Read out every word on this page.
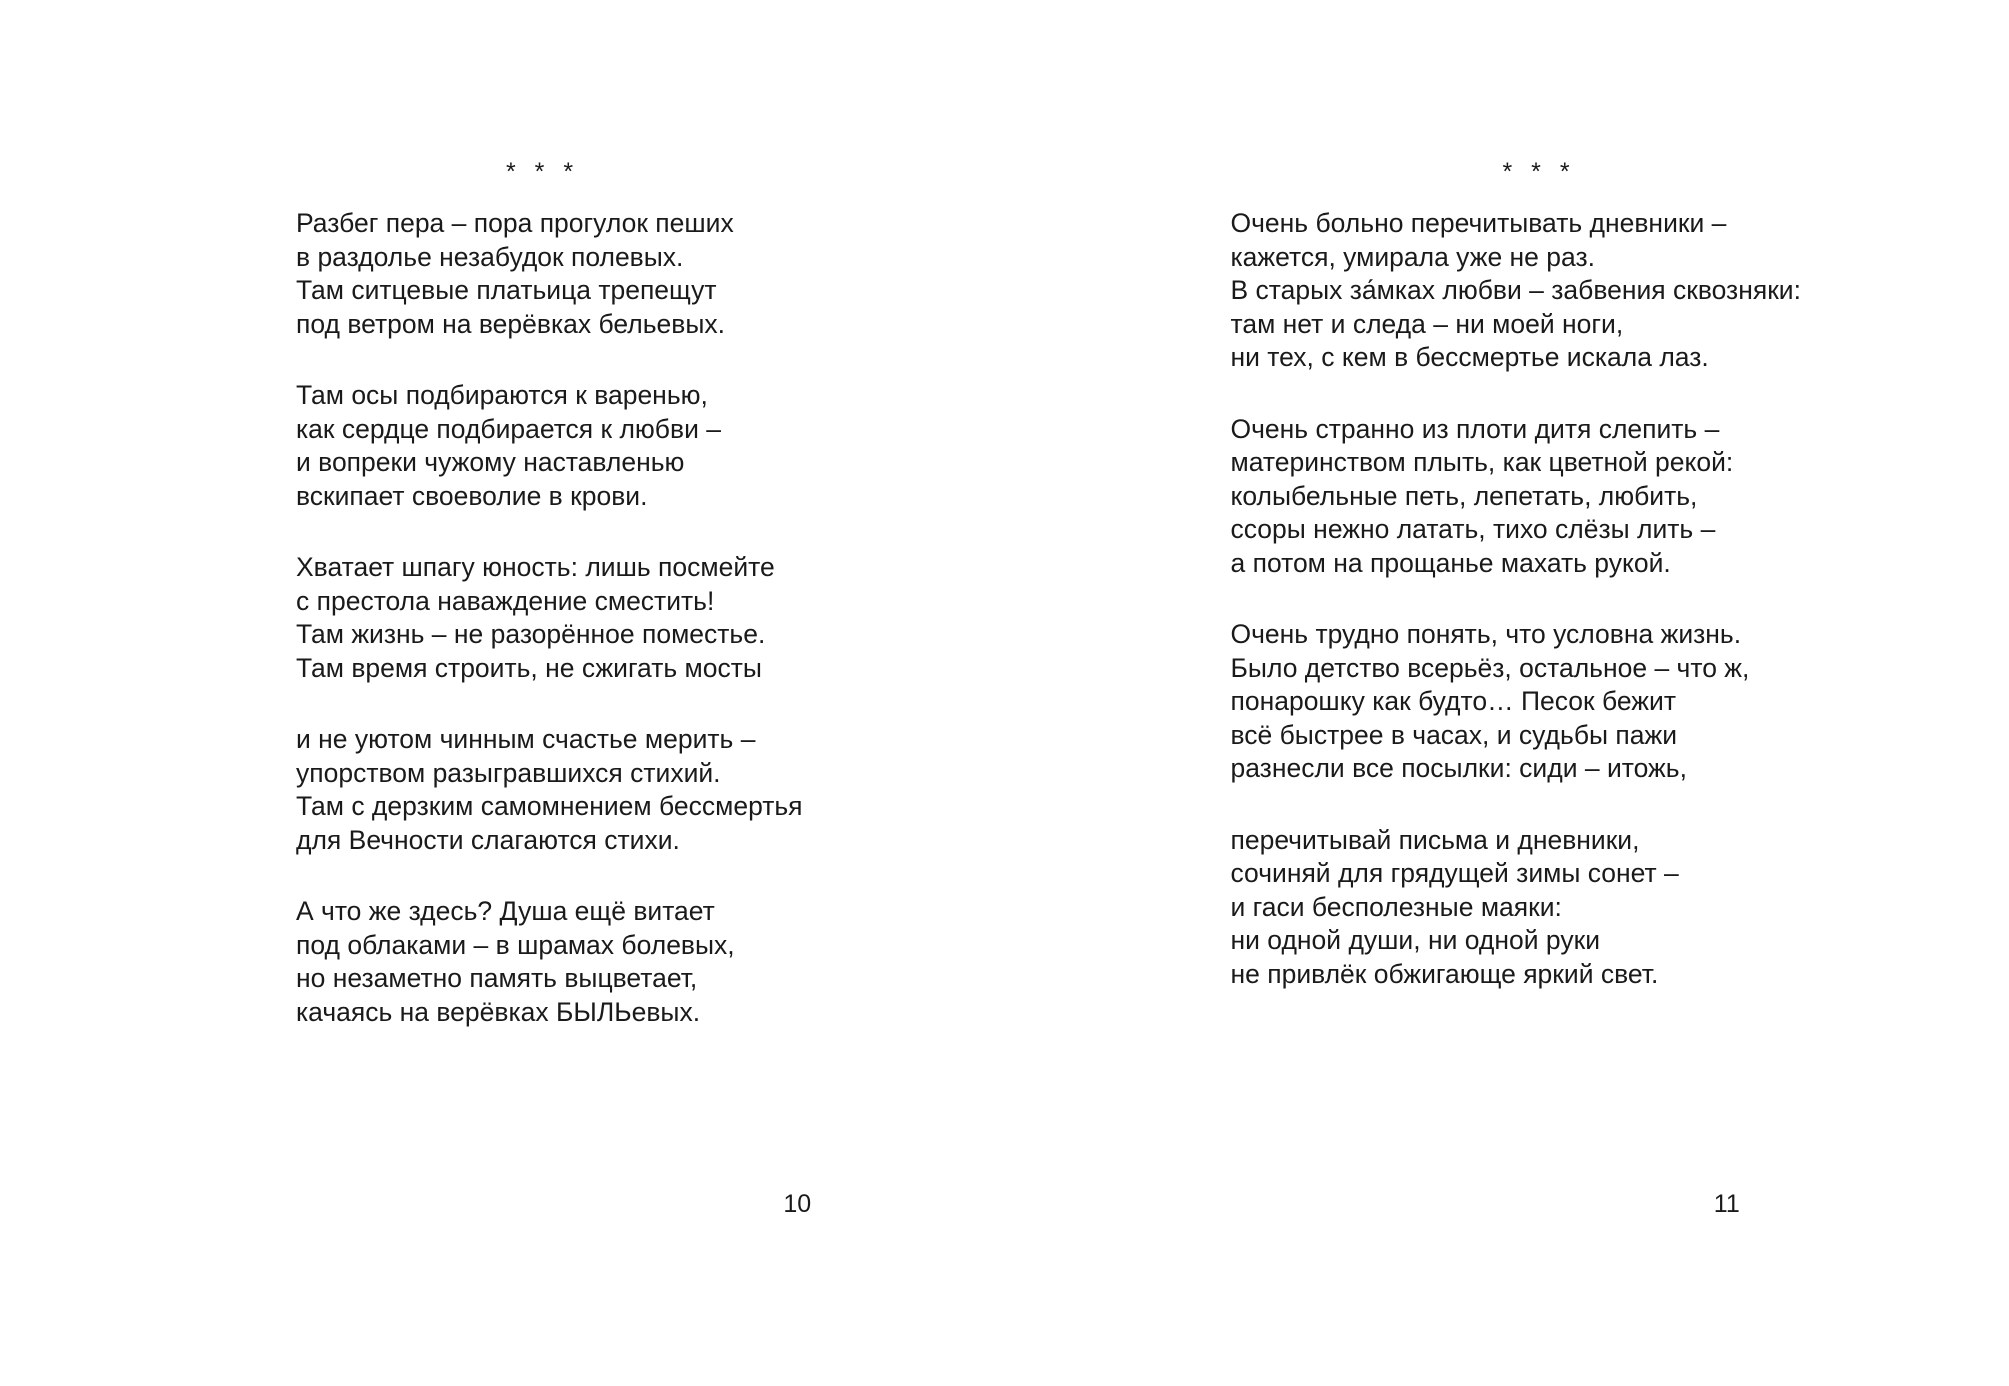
* * *
Разбег пера – пора прогулок пеших
в раздолье незабудок полевых.
Там ситцевые платьица трепещут
под ветром на верёвках бельевых.
Там осы подбираются к варенью,
как сердце подбирается к любви –
и вопреки чужому наставленью
вскипает своеволие в крови.
Хватает шпагу юность: лишь посмейте
с престола наваждение сместить!
Там жизнь – не разорённое поместье.
Там время строить, не сжигать мосты
и не уютом чинным счастье мерить –
упорством разыгравшихся стихий.
Там с дерзким самомнением бессмертья
для Вечности слагаются стихи.
А что же здесь? Душа ещё витает
под облаками – в шрамах болевых,
но незаметно память выцветает,
качаясь на верёвках БЫЛЬевых.
10
* * *
Очень больно перечитывать дневники –
кажется, умирала уже не раз.
В старых за́мках любви – забвения сквозняки:
там нет и следа – ни моей ноги,
ни тех, с кем в бессмертье искала лаз.
Очень странно из плоти дитя слепить –
материнством плыть, как цветной рекой:
колыбельные петь, лепетать, любить,
ссоры нежно латать, тихо слёзы лить –
а потом на прощанье махать рукой.
Очень трудно понять, что условна жизнь.
Было детство всерьёз, остальное – что ж,
понарошку как будто… Песок бежит
всё быстрее в часах, и судьбы пажи
разнесли все посылки: сиди – итожь,
перечитывай письма и дневники,
сочиняй для грядущей зимы сонет –
и гаси бесполезные маяки:
ни одной души, ни одной руки
не привлёк обжигающе яркий свет.
11
